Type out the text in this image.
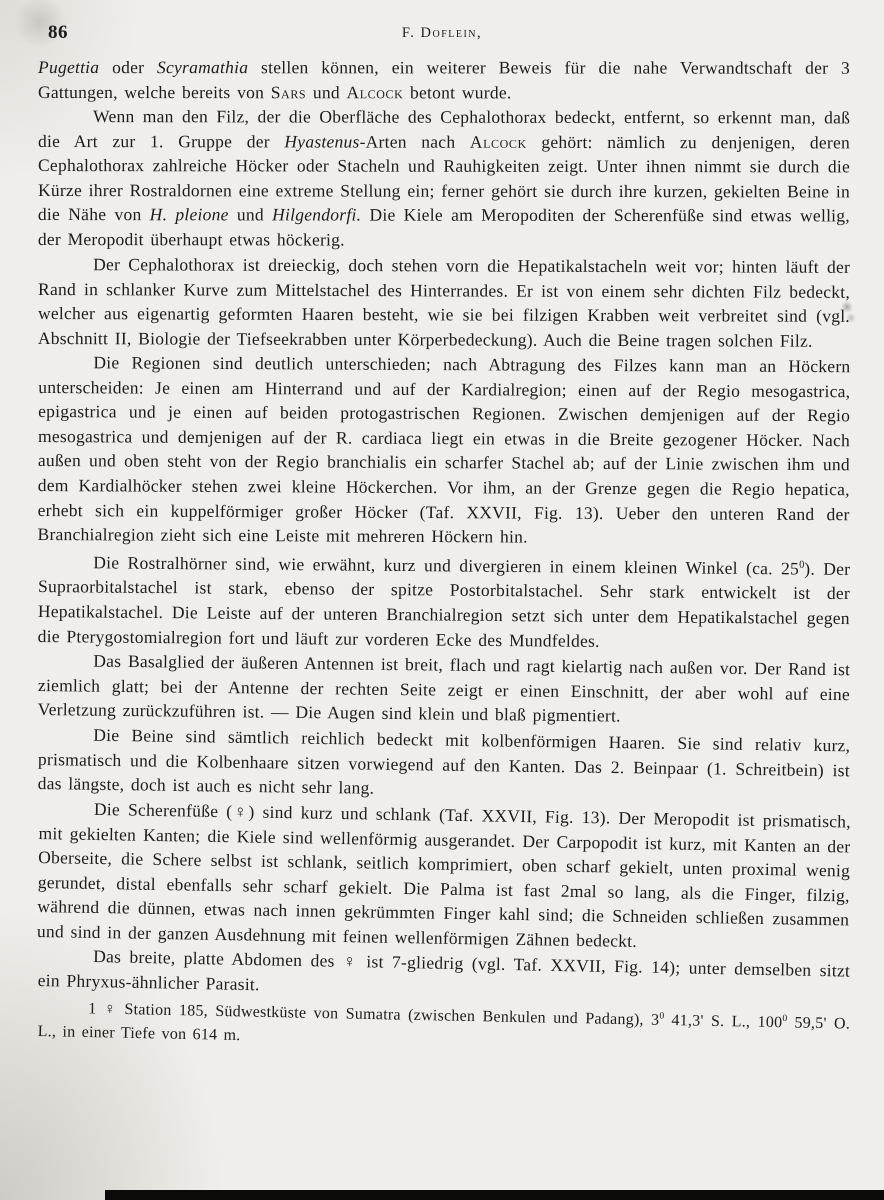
86	F. Doflein,

Pugettia oder Scyramathia stellen können, ein weiterer Beweis für die nahe Verwandtschaft der 3 Gattungen, welche bereits von Sars und Alcock betont wurde.

Wenn man den Filz, der die Oberfläche des Cephalothorax bedeckt, entfernt, so erkennt man, daß die Art zur 1. Gruppe der Hyastenus-Arten nach Alcock gehört: nämlich zu denjenigen, deren Cephalothorax zahlreiche Höcker oder Stacheln und Rauhigkeiten zeigt. Unter ihnen nimmt sie durch die Kürze ihrer Rostraldornen eine extreme Stellung ein; ferner gehört sie durch ihre kurzen, gekielten Beine in die Nähe von H. pleione und Hilgendorfi. Die Kiele am Meropoditen der Scherenfüße sind etwas wellig, der Meropodit überhaupt etwas höckerig.

Der Cephalothorax ist dreieckig, doch stehen vorn die Hepatikalstacheln weit vor; hinten läuft der Rand in schlanker Kurve zum Mittelstachel des Hinterrandes. Er ist von einem sehr dichten Filz bedeckt, welcher aus eigenartig geformten Haaren besteht, wie sie bei filzigen Krabben weit verbreitet sind (vgl. Abschnitt II, Biologie der Tiefseekrabben unter Körperbedeckung). Auch die Beine tragen solchen Filz.

Die Regionen sind deutlich unterschieden; nach Abtragung des Filzes kann man an Höckern unterscheiden: Je einen am Hinterrand und auf der Kardialregion; einen auf der Regio mesogastrica, epigastrica und je einen auf beiden protogastrischen Regionen. Zwischen demjenigen auf der Regio mesogastrica und demjenigen auf der R. cardiaca liegt ein etwas in die Breite gezogener Höcker. Nach außen und oben steht von der Regio branchialis ein scharfer Stachel ab; auf der Linie zwischen ihm und dem Kardialhöcker stehen zwei kleine Höckerchen. Vor ihm, an der Grenze gegen die Regio hepatica, erhebt sich ein kuppelförmiger großer Höcker (Taf. XXVII, Fig. 13). Ueber den unteren Rand der Branchialregion zieht sich eine Leiste mit mehreren Höckern hin.

Die Rostralhörner sind, wie erwähnt, kurz und divergieren in einem kleinen Winkel (ca. $25^0$). Der Supraorbitalstachel ist stark, ebenso der spitze Postorbitalstachel. Sehr stark entwickelt ist der Hepatikalstachel. Die Leiste auf der unteren Branchialregion setzt sich unter dem Hepatikalstachel gegen die Pterygostomialregion fort und läuft zur vorderen Ecke des Mundfeldes.

Das Basalglied der äußeren Antennen ist breit, flach und ragt kielartig nach außen vor. Der Rand ist ziemlich glatt; bei der Antenne der rechten Seite zeigt er einen Einschnitt, der aber wohl auf eine Verletzung zurückzuführen ist. — Die Augen sind klein und blaß pigmentiert.

Die Beine sind sämtlich reichlich bedeckt mit kolbenförmigen Haaren. Sie sind relativ kurz, prismatisch und die Kolbenhaare sitzen vorwiegend auf den Kanten. Das 2. Beinpaar (1. Schreitbein) ist das längste, doch ist auch es nicht sehr lang.

Die Scherenfüße (♀) sind kurz und schlank (Taf. XXVII, Fig. 13). Der Meropodit ist prismatisch, mit gekielten Kanten; die Kiele sind wellenförmig ausgerandet. Der Carpopodit ist kurz, mit Kanten an der Oberseite, die Schere selbst ist schlank, seitlich komprimiert, oben scharf gekielt, unten proximal wenig gerundet, distal ebenfalls sehr scharf gekielt. Die Palma ist fast 2mal so lang, als die Finger, filzig, während die dünnen, etwas nach innen gekrümmten Finger kahl sind; die Schneiden schließen zusammen und sind in der ganzen Ausdehnung mit feinen wellenförmigen Zähnen bedeckt.

Das breite, platte Abdomen des ♀ ist 7-gliedrig (vgl. Taf. XXVII, Fig. 14); unter demselben sitzt ein Phryxus-ähnlicher Parasit.

1 ♀ Station 185, Südwestküste von Sumatra (zwischen Benkulen und Padang), $3^0$ 41,3' S. L., $100^0$ 59,5' O. L., in einer Tiefe von 614 m.
